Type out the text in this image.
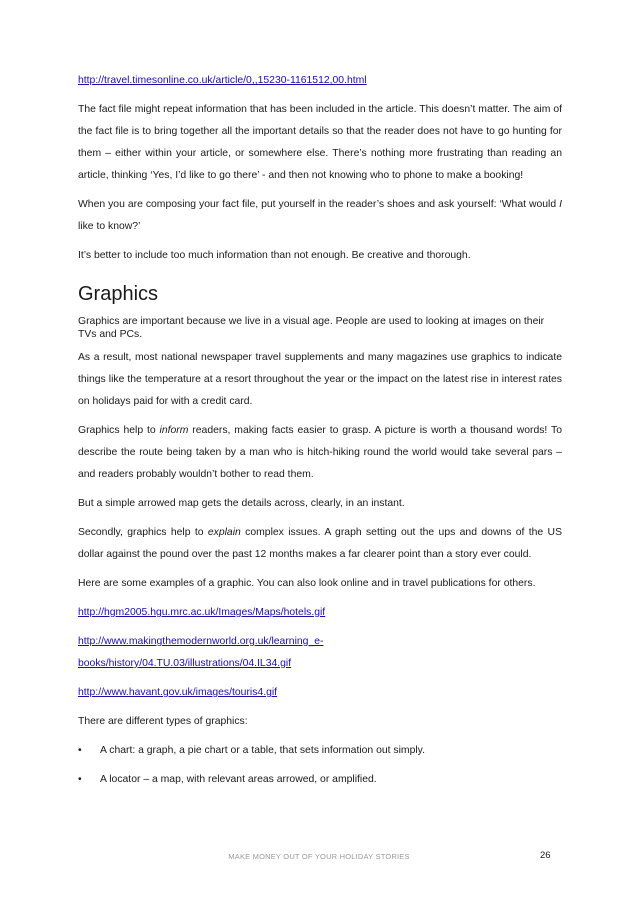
http://travel.timesonline.co.uk/article/0,,15230-1161512,00.html

The fact file might repeat information that has been included in the article. This doesn’t matter. The aim of the fact file is to bring together all the important details so that the reader does not have to go hunting for them – either within your article, or somewhere else. There’s nothing more frustrating than reading an article, thinking ‘Yes, I’d like to go there’ - and then not knowing who to phone to make a booking!

When you are composing your fact file, put yourself in the reader’s shoes and ask yourself: ‘What would I like to know?’

It’s better to include too much information than not enough. Be creative and thorough.

Graphics

Graphics are important because we live in a visual age. People are used to looking at images on their TVs and PCs.

As a result, most national newspaper travel supplements and many magazines use graphics to indicate things like the temperature at a resort throughout the year or the impact on the latest rise in interest rates on holidays paid for with a credit card.

Graphics help to inform readers, making facts easier to grasp. A picture is worth a thousand words! To describe the route being taken by a man who is hitch-hiking round the world would take several pars – and readers probably wouldn’t bother to read them.

But a simple arrowed map gets the details across, clearly, in an instant.

Secondly, graphics help to explain complex issues. A graph setting out the ups and downs of the US dollar against the pound over the past 12 months makes a far clearer point than a story ever could.

Here are some examples of a graphic. You can also look online and in travel publications for others.

http://hgm2005.hgu.mrc.ac.uk/Images/Maps/hotels.gif
http://www.makingthemodernworld.org.uk/learning_e-
books/history/04.TU.03/illustrations/04.IL34.gif
http://www.havant.gov.uk/images/touris4.gif

There are different types of graphics:

• A chart: a graph, a pie chart or a table, that sets information out simply.
• A locator – a map, with relevant areas arrowed, or amplified.
MAKE MONEY OUT OF YOUR HOLIDAY STORIES	26
